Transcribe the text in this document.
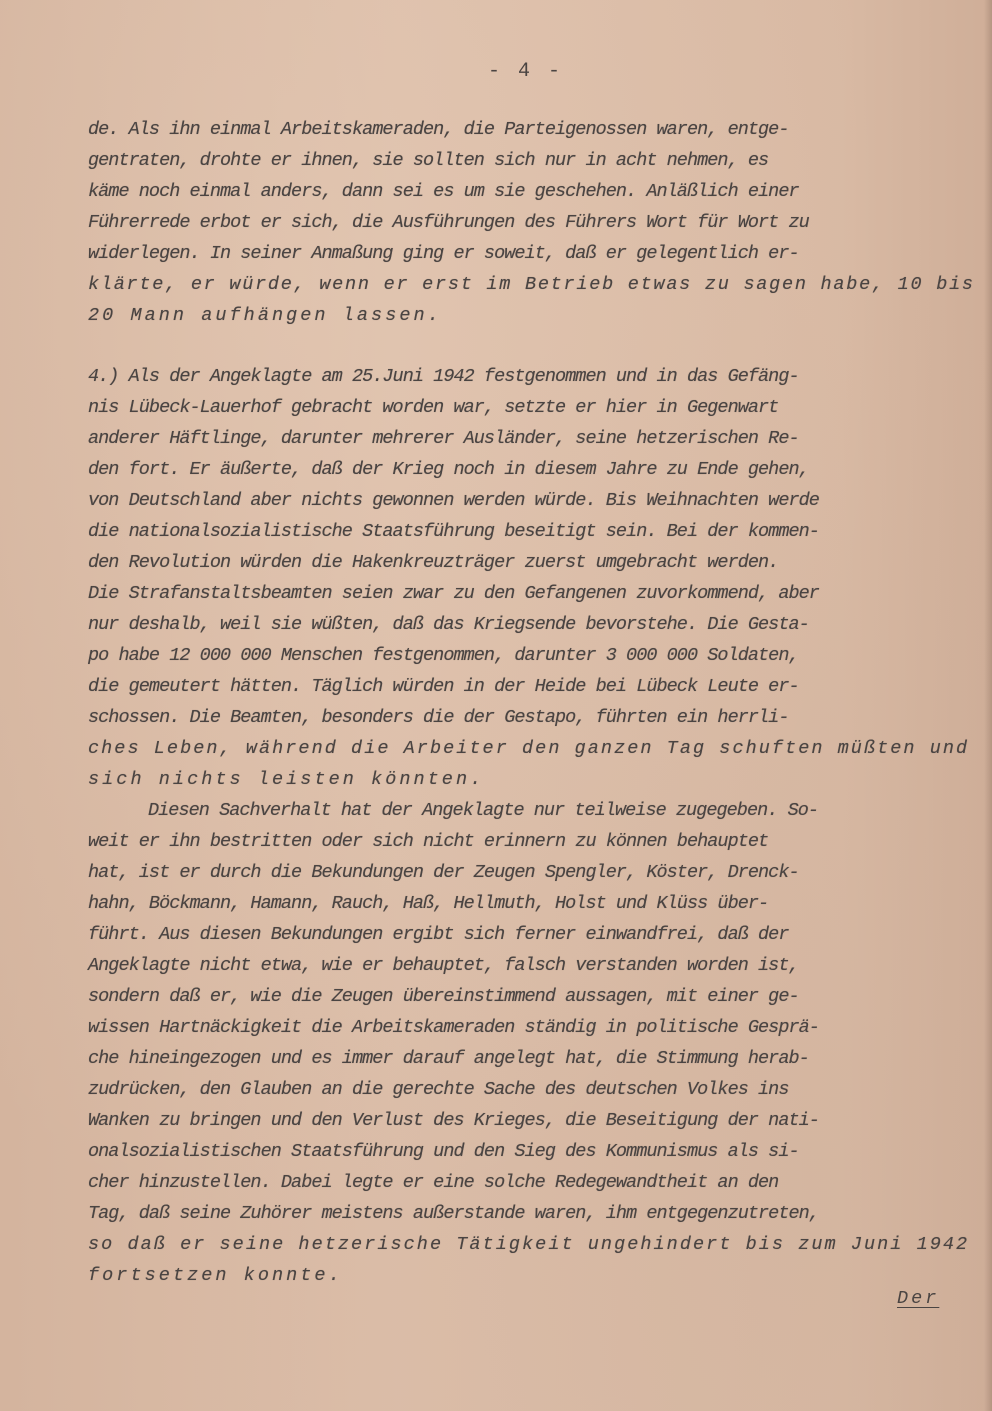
- 4 -

de. Als ihn einmal Arbeitskameraden, die Parteigenossen waren, entge-
gentraten, drohte er ihnen, sie sollten sich nur in acht nehmen, es
käme noch einmal anders, dann sei es um sie geschehen. Anläßlich einer
Führerrede erbot er sich, die Ausführungen des Führers Wort für Wort zu
widerlegen. In seiner Anmaßung ging er soweit, daß er gelegentlich er-
klärte, er würde, wenn er erst im Betrieb etwas zu sagen habe, 10 bis
20 Mann aufhängen lassen.
4.) Als der Angeklagte am 25.Juni 1942 festgenommen und in das Gefäng-
nis Lübeck-Lauerhof gebracht worden war, setzte er hier in Gegenwart
anderer Häftlinge, darunter mehrerer Ausländer, seine hetzerischen Re-
den fort. Er äußerte, daß der Krieg noch in diesem Jahre zu Ende gehen,
von Deutschland aber nichts gewonnen werden würde. Bis Weihnachten werde
die nationalsozialistische Staatsführung beseitigt sein. Bei der kommen-
den Revolution würden die Hakenkreuzträger zuerst umgebracht werden.
Die Strafanstaltsbeamten seien zwar zu den Gefangenen zuvorkommend, aber
nur deshalb, weil sie wüßten, daß das Kriegsende bevorstehe. Die Gesta-
po habe 12 000 000 Menschen festgenommen, darunter 3 000 000 Soldaten,
die gemeutert hätten. Täglich würden in der Heide bei Lübeck Leute er-
schossen. Die Beamten, besonders die der Gestapo, führten ein herrli-
ches Leben, während die Arbeiter den ganzen Tag schuften müßten und
sich nichts leisten könnten.
Diesen Sachverhalt hat der Angeklagte nur teilweise zugegeben. So-
weit er ihn bestritten oder sich nicht erinnern zu können behauptet
hat, ist er durch die Bekundungen der Zeugen Spengler, Köster, Drenck-
hahn, Böckmann, Hamann, Rauch, Haß, Hellmuth, Holst und Klüss über-
führt. Aus diesen Bekundungen ergibt sich ferner einwandfrei, daß der
Angeklagte nicht etwa, wie er behauptet, falsch verstanden worden ist,
sondern daß er, wie die Zeugen übereinstimmend aussagen, mit einer ge-
wissen Hartnäckigkeit die Arbeitskameraden ständig in politische Gesprä-
che hineingezogen und es immer darauf angelegt hat, die Stimmung herab-
zudrücken, den Glauben an die gerechte Sache des deutschen Volkes ins
Wanken zu bringen und den Verlust des Krieges, die Beseitigung der nati-
onalsozialistischen Staatsführung und den Sieg des Kommunismus als si-
cher hinzustellen. Dabei legte er eine solche Redegewandtheit an den
Tag, daß seine Zuhörer meistens außerstande waren, ihm entgegenzutreten,
so daß er seine hetzerische Tätigkeit ungehindert bis zum Juni 1942
fortsetzen konnte.

Der
